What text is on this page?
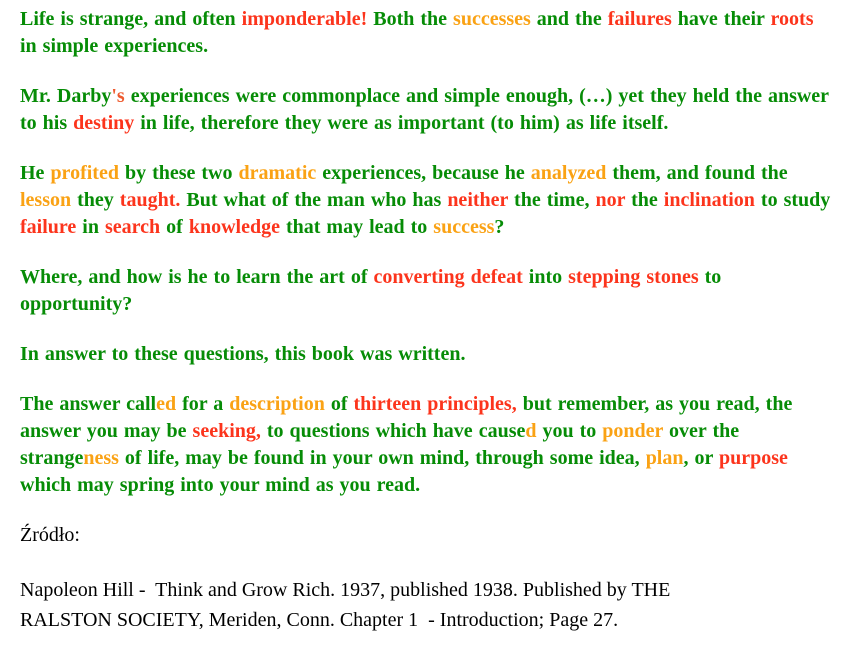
Life is strange, and often imponderable! Both the successes and the failures have their roots in simple experiences.

Mr. Darby's experiences were commonplace and simple enough, (…) yet they held the answer to his destiny in life, therefore they were as important (to him) as life itself.

He profited by these two dramatic experiences, because he analyzed them, and found the lesson they taught. But what of the man who has neither the time, nor the inclination to study failure in search of knowledge that may lead to success?

Where, and how is he to learn the art of converting defeat into stepping stones to opportunity?

In answer to these questions, this book was written.

The answer called for a description of thirteen principles, but remember, as you read, the answer you may be seeking, to questions which have caused you to ponder over the strangeness of life, may be found in your own mind, through some idea, plan, or purpose which may spring into your mind as you read.

Źródło:

Napoleon Hill -  Think and Grow Rich. 1937, published 1938. Published by THE
RALSTON SOCIETY, Meriden, Conn. Chapter 1  - Introduction; Page 27.
